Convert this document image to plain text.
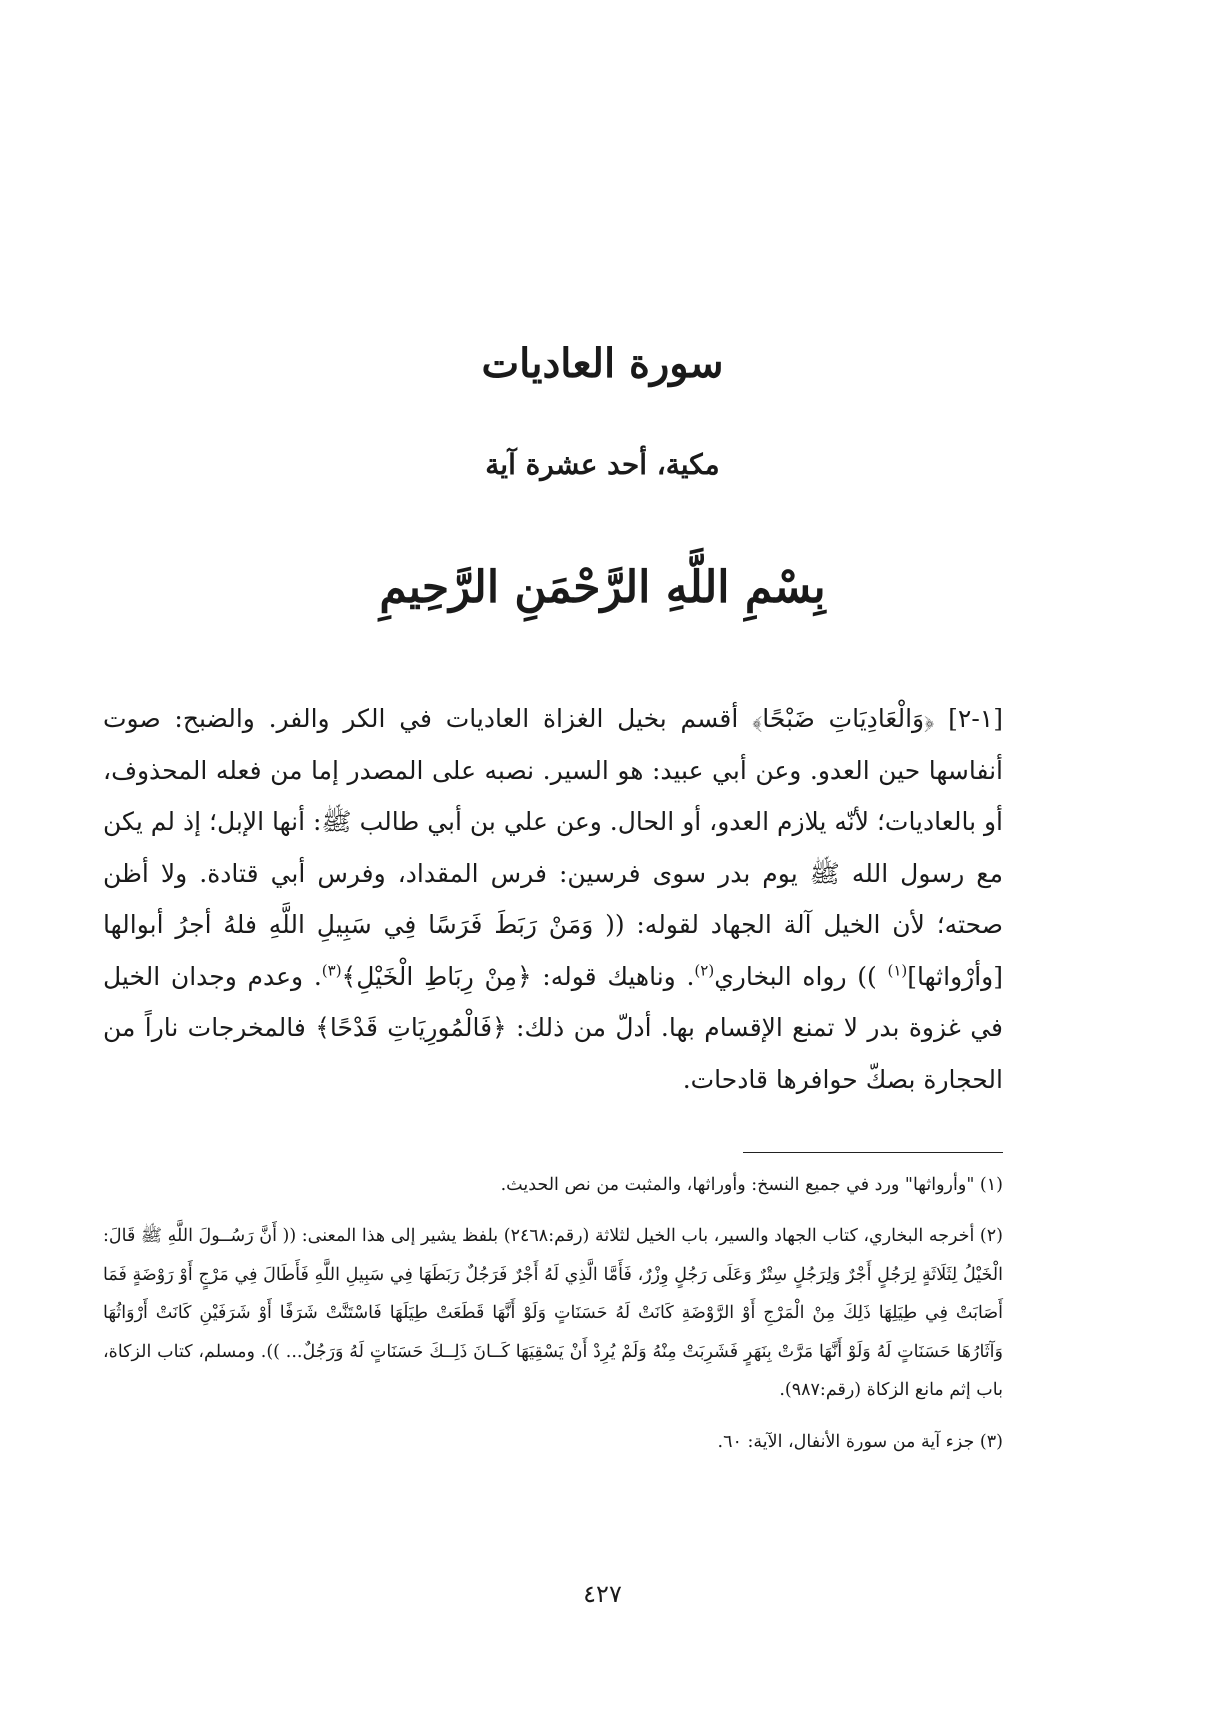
سورة العاديات
مكية، أحد عشرة آية
بِسْمِ اللَّهِ الرَّحْمَنِ الرَّحِيمِ

[١-٢] ﴿وَالْعَادِيَاتِ ضَبْحًا﴾ أقسم بخيل الغزاة العاديات في الكر والفر. والضبح: صوت أنفاسها حين العدو. وعن أبي عبيد: هو السير. نصبه على المصدر إما من فعله المحذوف، أو بالعاديات؛ لأنّه يلازم العدو، أو الحال. وعن علي بن أبي طالب ﷺ: أنها الإبل؛ إذ لم يكن مع رسول الله ﷺ يوم بدر سوى فرسين: فرس المقداد، وفرس أبي قتادة. ولا أظن صحته؛ لأن الخيل آلة الجهاد لقوله: (( وَمَنْ رَبَطَ فَرَسًا فِي سَبِيلِ اللَّهِ فلهُ أجرُ أبوالها [وأرْواثها]$^{(١)}$ )) رواه البخاري$^{(٢)}$. وناهيك قوله: ﴿مِنْ رِبَاطِ الْخَيْلِ﴾$^{(٣)}$. وعدم وجدان الخيل في غزوة بدر لا تمنع الإقسام بها. أدلّ من ذلك: ﴿فَالْمُورِيَاتِ قَدْحًا﴾ فالمخرجات ناراً من الحجارة بصكّ حوافرها قادحات.

(١) "وأرواثها" ورد في جميع النسخ: وأوراثها، والمثبت من نص الحديث.

(٢) أخرجه البخاري، كتاب الجهاد والسير، باب الخيل لثلاثة (رقم:٢٤٦٨) بلفظ يشير إلى هذا المعنى: (( أَنَّ رَسُــولَ اللَّهِ ﷺ قَالَ: الْخَيْلُ لِثَلَاثَةٍ لِرَجُلٍ أَجْرٌ وَلِرَجُلٍ سِتْرٌ وَعَلَى رَجُلٍ وِزْرٌ، فَأَمَّا الَّذِي لَهُ أَجْرٌ فَرَجُلٌ رَبَطَهَا فِي سَبِيلِ اللَّهِ فَأَطَالَ فِي مَرْجٍ أَوْ رَوْضَةٍ فَمَا أَصَابَتْ فِي طِيَلِهَا ذَلِكَ مِنْ الْمَرْجِ أَوْ الرَّوْضَةِ كَانَتْ لَهُ حَسَنَاتٍ وَلَوْ أَنَّهَا قَطَعَتْ طِيَلَهَا فَاسْتَنَّتْ شَرَفًا أَوْ شَرَفَيْنِ كَانَتْ أَرْوَاثُهَا وَآثَارُهَا حَسَنَاتٍ لَهُ وَلَوْ أَنَّهَا مَرَّتْ بِنَهَرٍ فَشَرِبَتْ مِنْهُ وَلَمْ يُرِدْ أَنْ يَسْقِيَهَا كَــانَ ذَلِــكَ حَسَنَاتٍ لَهُ وَرَجُلٌ... )). ومسلم، كتاب الزكاة، باب إثم مانع الزكاة (رقم:٩٨٧).

(٣) جزء آية من سورة الأنفال، الآية: ٦٠.

٤٢٧
